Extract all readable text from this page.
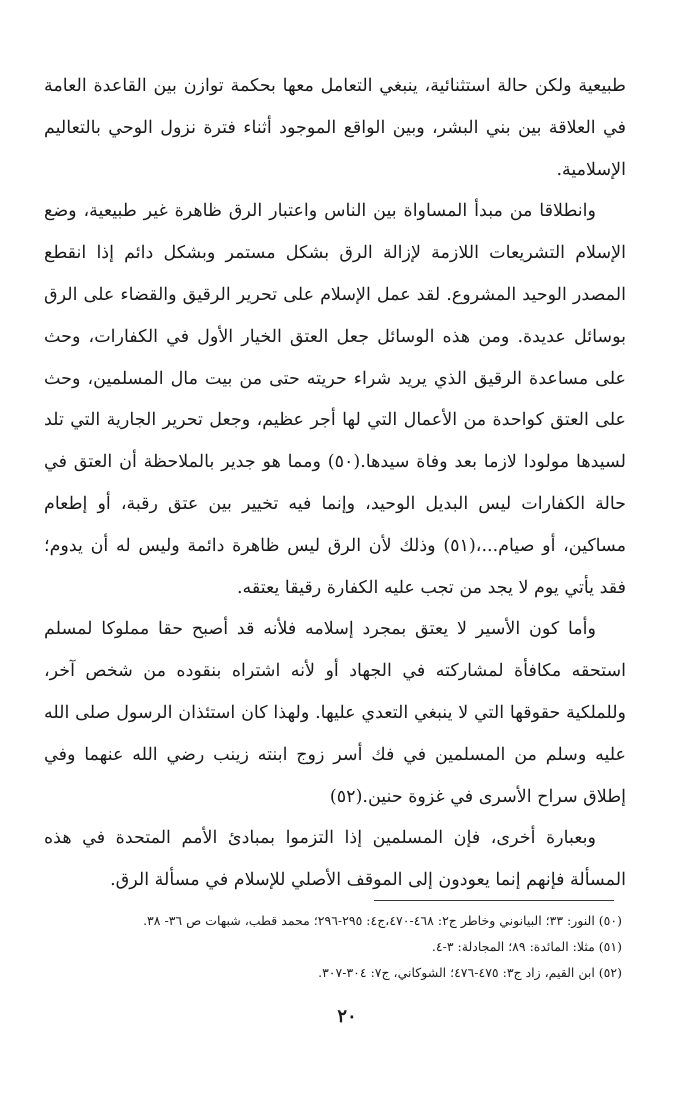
طبيعية ولكن حالة استثنائية، ينبغي التعامل معها بحكمة توازن بين القاعدة العامة في العلاقة بين بني البشر، وبين الواقع الموجود أثناء فترة نزول الوحي بالتعاليم الإسلامية.

وانطلاقا من مبدأ المساواة بين الناس واعتبار الرق ظاهرة غير طبيعية، وضع الإسلام التشريعات اللازمة لإزالة الرق بشكل مستمر وبشكل دائم إذا انقطع المصدر الوحيد المشروع. لقد عمل الإسلام على تحرير الرقيق والقضاء على الرق بوسائل عديدة. ومن هذه الوسائل جعل العتق الخيار الأول في الكفارات، وحث على مساعدة الرقيق الذي يريد شراء حريته حتى من بيت مال المسلمين، وحث على العتق كواحدة من الأعمال التي لها أجر عظيم، وجعل تحرير الجارية التي تلد لسيدها مولودا لازما بعد وفاة سيدها.(٥٠) ومما هو جدير بالملاحظة أن العتق في حالة الكفارات ليس البديل الوحيد، وإنما فيه تخيير بين عتق رقبة، أو إطعام مساكين، أو صيام...،(٥١) وذلك لأن الرق ليس ظاهرة دائمة وليس له أن يدوم؛ فقد يأتي يوم لا يجد من تجب عليه الكفارة رقيقا يعتقه.

وأما كون الأسير لا يعتق بمجرد إسلامه فلأنه قد أصبح حقا مملوكا لمسلم استحقه مكافأة لمشاركته في الجهاد أو لأنه اشتراه بنقوده من شخص آخر، وللملكية حقوقها التي لا ينبغي التعدي عليها. ولهذا كان استئذان الرسول صلى الله عليه وسلم من المسلمين في فك أسر زوج ابنته زينب رضي الله عنهما وفي إطلاق سراح الأسرى في غزوة حنين.(٥٢)

وبعبارة أخرى، فإن المسلمين إذا التزموا بمبادئ الأمم المتحدة في هذه المسألة فإنهم إنما يعودون إلى الموقف الأصلي للإسلام في مسألة الرق.

(٥٠) النور: ٣٣؛ البيانوني وخاطر ج٢: ٤٦٨-٤٧٠،ج٤: ٢٩٥-٢٩٦؛ محمد قطب، شبهات ص ٣٦- ٣٨.
(٥١) مثلا: المائدة: ٨٩؛ المجادلة: ٣-٤.
(٥٢) ابن القيم، زاد ج٣: ٤٧٥-٤٧٦؛ الشوكاني، ج٧: ٣٠٤-٣٠٧.
٢٠
